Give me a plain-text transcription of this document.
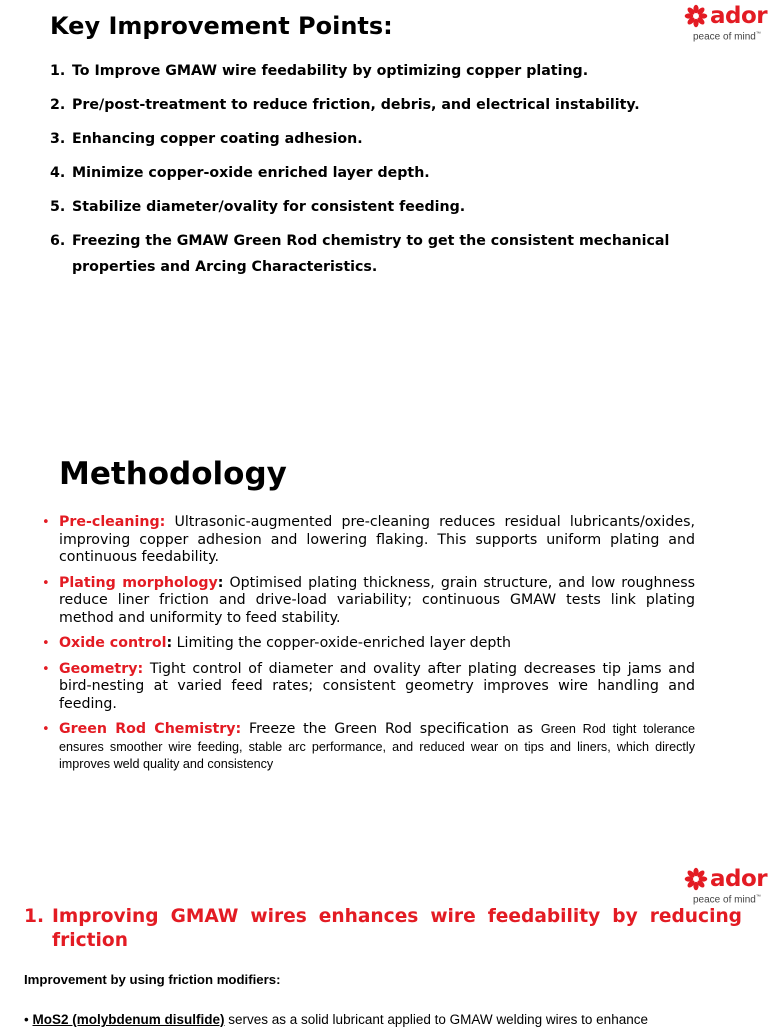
ador
peace of mind™
Key Improvement Points:
1. To Improve GMAW wire feedability by optimizing copper plating.
2. Pre/post-treatment to reduce friction, debris, and electrical instability.
3. Enhancing copper coating adhesion.
4. Minimize copper-oxide enriched layer depth.
5. Stabilize diameter/ovality for consistent feeding.
6. Freezing the GMAW Green Rod chemistry to get the consistent mechanical properties and Arcing Characteristics.
Methodology
• Pre-cleaning: Ultrasonic-augmented pre-cleaning reduces residual lubricants/oxides, improving copper adhesion and lowering flaking. This supports uniform plating and continuous feedability.
• Plating morphology: Optimised plating thickness, grain structure, and low roughness reduce liner friction and drive-load variability; continuous GMAW tests link plating method and uniformity to feed stability.
• Oxide control: Limiting the copper-oxide-enriched layer depth
• Geometry: Tight control of diameter and ovality after plating decreases tip jams and bird-nesting at varied feed rates; consistent geometry improves wire handling and feeding.
• Green Rod Chemistry: Freeze the Green Rod specification as Green Rod tight tolerance ensures smoother wire feeding, stable arc performance, and reduced wear on tips and liners, which directly improves weld quality and consistency
ador
peace of mind™
1. Improving GMAW wires enhances wire feedability by reducing friction

Improvement by using friction modifiers:

• MoS2 (molybdenum disulfide) serves as a solid lubricant applied to GMAW welding wires to enhance
